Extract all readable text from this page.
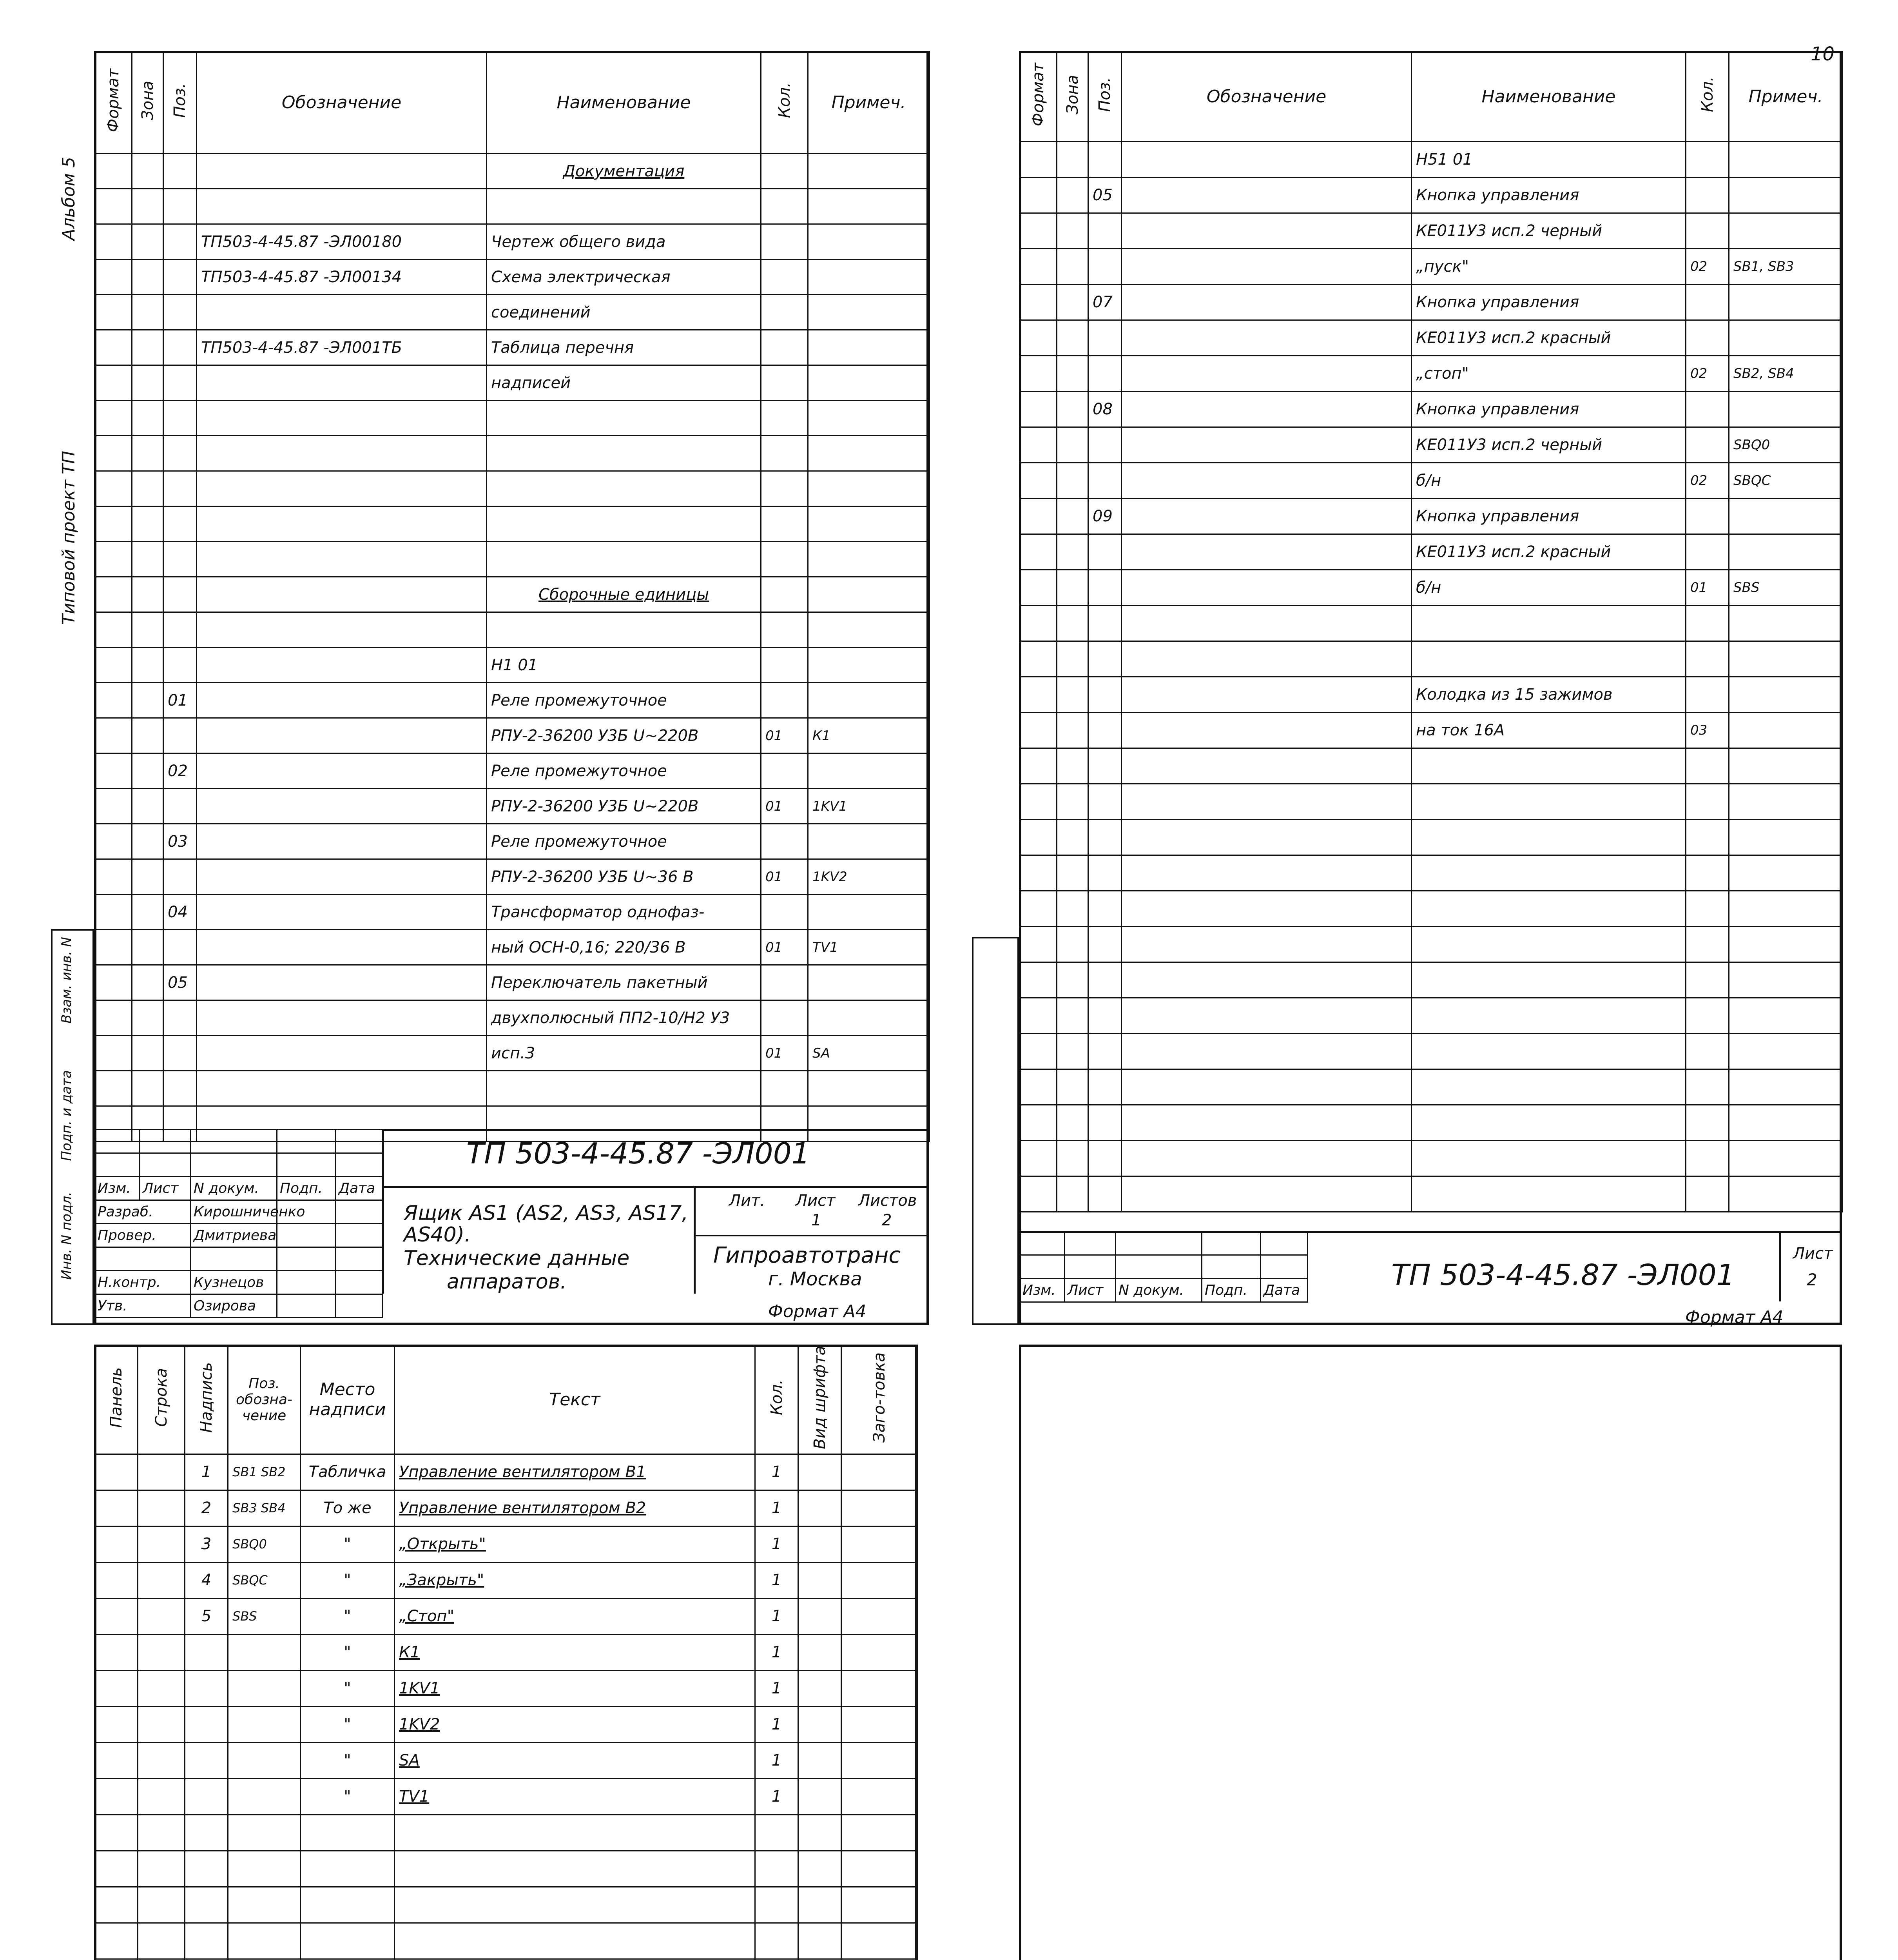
Формат	Зона	Поз.	Обозначение	Наименование	Кол.	Примеч.
				Документация		

			ТП503-4-45.87 -ЭЛ00180	Чертеж общего вида		
			ТП503-4-45.87 -ЭЛ00134	Схема электрическая		
				соединений		
			ТП503-4-45.87 -ЭЛ001ТБ	Таблица перечня		
				надписей		

				Сборочные единицы		

				Н1 01		
		01		Реле промежуточное		
				РПУ-2-36200 У3Б U~220В	01	К1
		02		Реле промежуточное		
				РПУ-2-36200 У3Б U~220В	01	1KV1
		03		Реле промежуточное		
				РПУ-2-36200 У3Б U~36 В	01	1KV2
		04		Трансформатор однофаз-		
				ный ОСН-0,16; 220/36 В	01	TV1
		05		Переключатель пакетный		
				двухполюсный ПП2-10/Н2 У3		
				исп.3	01	SA

Изм.	Лист	N докум.	Подп.	Дата
Разраб.		Кирошниченко		
Провер.		Дмитриева		

Н.контр.		Кузнецов		
Утв.		Озирова		
ТП 503-4-45.87 -ЭЛ001
Ящик AS1 (AS2, AS3, AS17,
AS40).
Технические данные
аппаратов.
Лит. Лист Листов
1	2
Гипроавтотранс
г. Москва
Формат А4
Альбом 5
Типовой проект ТП
Взам. инв. N
Подп. и дата
Инв. N подл.
Формат	Зона	Поз.	Обозначение	Наименование	Кол.	Примеч.
				Н51 01		
		05		Кнопка управления		
				КЕ011У3 исп.2 черный		
				„пуск"	02	SB1, SB3
		07		Кнопка управления		
				КЕ011У3 исп.2 красный		
				„стоп"	02	SB2, SB4
		08		Кнопка управления		
				КЕ011У3 исп.2 черный		SBQ0
				б/н	02	SBQC
		09		Кнопка управления		
				КЕ011У3 исп.2 красный		
				б/н	01	SBS

				Колодка из 15 зажимов		
				на ток 16А	03	

10

Изм.	Лист	N докум.	Подп.	Дата	ТП 503-4-45.87 -ЭЛ001
Лист
2
Формат А4
Панель	Строка	Надпись	Поз. обозна-чение	Место надписи	Текст	Кол.	Вид шрифта	Заго-товка
		1	SB1 SB2	Табличка	Управление вентилятором В1	1		
		2	SB3 SB4	То же	Управление вентилятором В2	1		
		3	SBQ0	"	„Открыть"	1		
		4	SBQC	"	„Закрыть"	1		
		5	SBS	"	„Стоп"	1		
				"	К1	1		
				"	1KV1	1		
				"	1KV2	1		
				"	SA	1		
				"	TV1	1		
